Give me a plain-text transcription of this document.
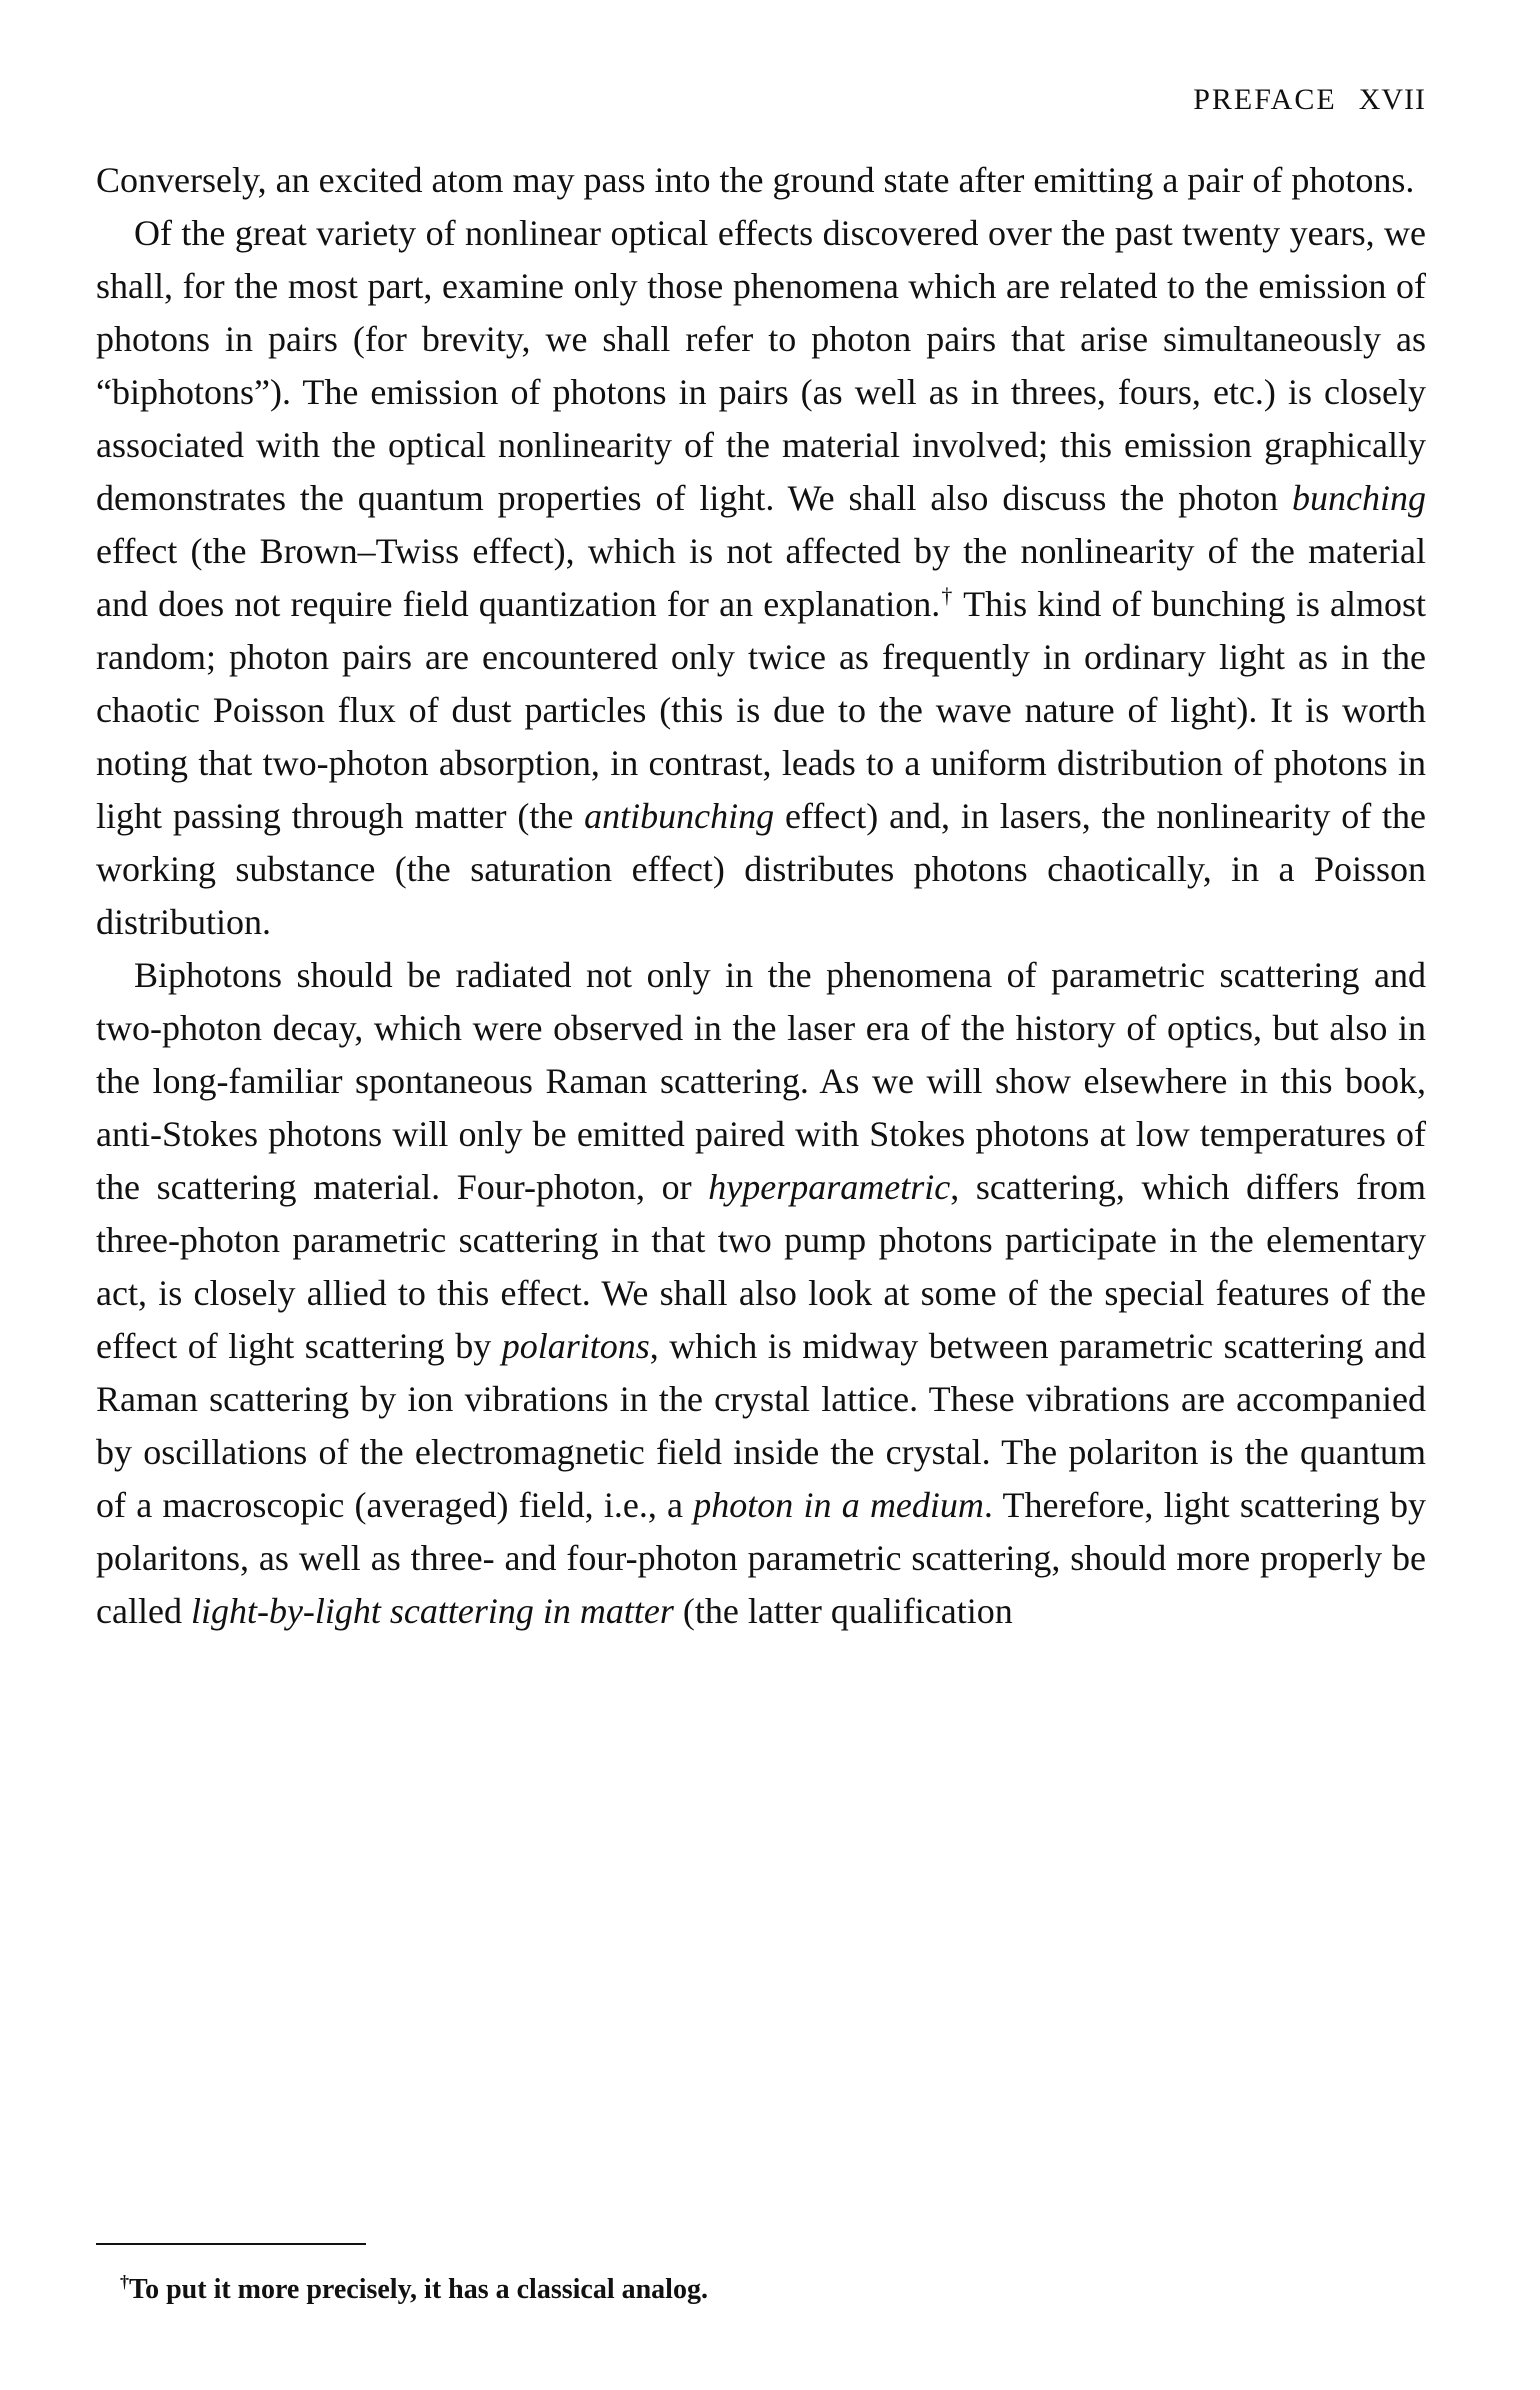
PREFACE XVII

Conversely, an excited atom may pass into the ground state after emitting a pair of photons.

Of the great variety of nonlinear optical effects discovered over the past twenty years, we shall, for the most part, examine only those phenomena which are related to the emission of photons in pairs (for brevity, we shall refer to photon pairs that arise simultaneously as “biphotons”). The emission of photons in pairs (as well as in threes, fours, etc.) is closely associated with the optical nonlinearity of the material involved; this emission graphically demonstrates the quantum properties of light. We shall also discuss the photon bunching effect (the Brown–Twiss effect), which is not affected by the nonlinearity of the material and does not require field quantization for an explanation.† This kind of bunching is almost random; photon pairs are encountered only twice as frequently in ordinary light as in the chaotic Poisson flux of dust particles (this is due to the wave nature of light). It is worth noting that two-photon absorption, in contrast, leads to a uniform distribution of photons in light passing through matter (the antibunching effect) and, in lasers, the nonlinearity of the working substance (the saturation effect) distributes photons chaotically, in a Poisson distribution.

Biphotons should be radiated not only in the phenomena of parametric scattering and two-photon decay, which were observed in the laser era of the history of optics, but also in the long-familiar spontaneous Raman scattering. As we will show elsewhere in this book, anti-Stokes photons will only be emitted paired with Stokes photons at low temperatures of the scattering material. Four-photon, or hyperparametric, scattering, which differs from three-photon parametric scattering in that two pump photons participate in the elementary act, is closely allied to this effect. We shall also look at some of the special features of the effect of light scattering by polaritons, which is midway between parametric scattering and Raman scattering by ion vibrations in the crystal lattice. These vibrations are accompanied by oscillations of the electromagnetic field inside the crystal. The polariton is the quantum of a macroscopic (averaged) field, i.e., a photon in a medium. Therefore, light scattering by polaritons, as well as three- and four-photon parametric scattering, should more properly be called light-by-light scattering in matter (the latter qualification

†To put it more precisely, it has a classical analog.
